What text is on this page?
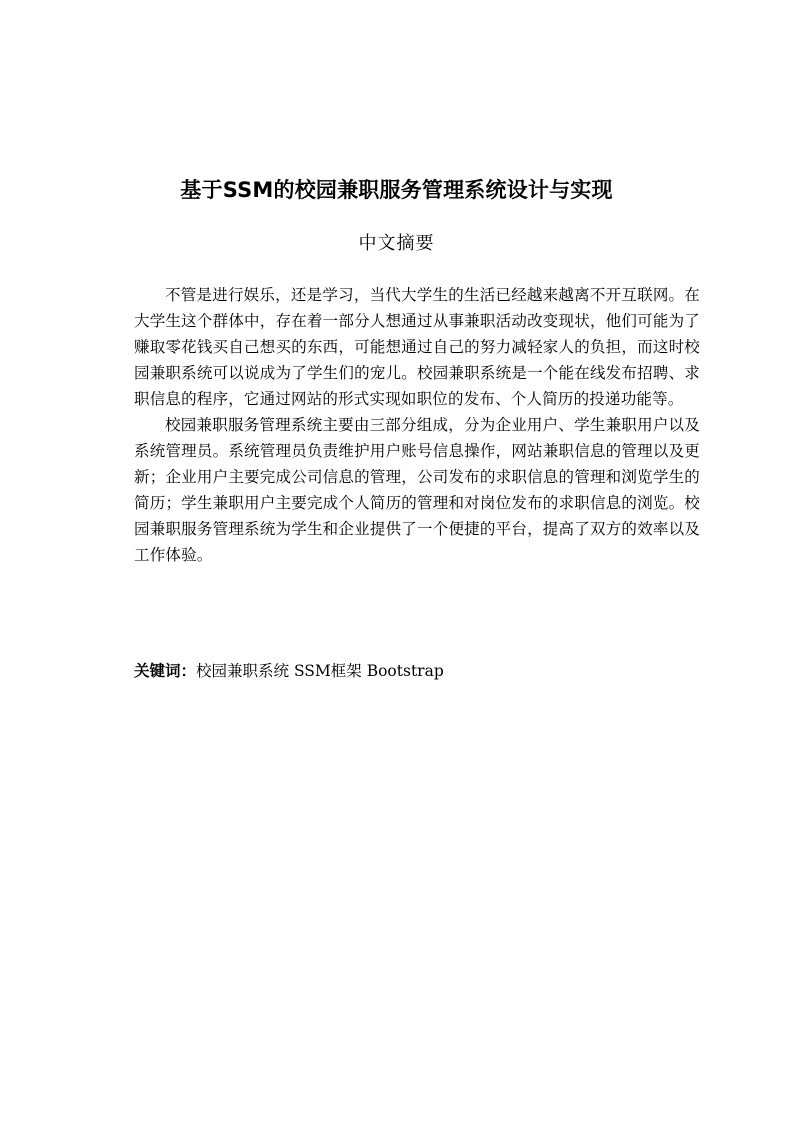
基于SSM的校园兼职服务管理系统设计与实现
中文摘要

不管是进行娱乐，还是学习，当代大学生的生活已经越来越离不开互联网。在大学生这个群体中，存在着一部分人想通过从事兼职活动改变现状，他们可能为了赚取零花钱买自己想买的东西，可能想通过自己的努力减轻家人的负担，而这时校园兼职系统可以说成为了学生们的宠儿。校园兼职系统是一个能在线发布招聘、求职信息的程序，它通过网站的形式实现如职位的发布、个人简历的投递功能等。

校园兼职服务管理系统主要由三部分组成，分为企业用户、学生兼职用户以及系统管理员。系统管理员负责维护用户账号信息操作，网站兼职信息的管理以及更新；企业用户主要完成公司信息的管理，公司发布的求职信息的管理和浏览学生的简历；学生兼职用户主要完成个人简历的管理和对岗位发布的求职信息的浏览。校园兼职服务管理系统为学生和企业提供了一个便捷的平台，提高了双方的效率以及工作体验。

关键词：校园兼职系统 SSM框架 Bootstrap
